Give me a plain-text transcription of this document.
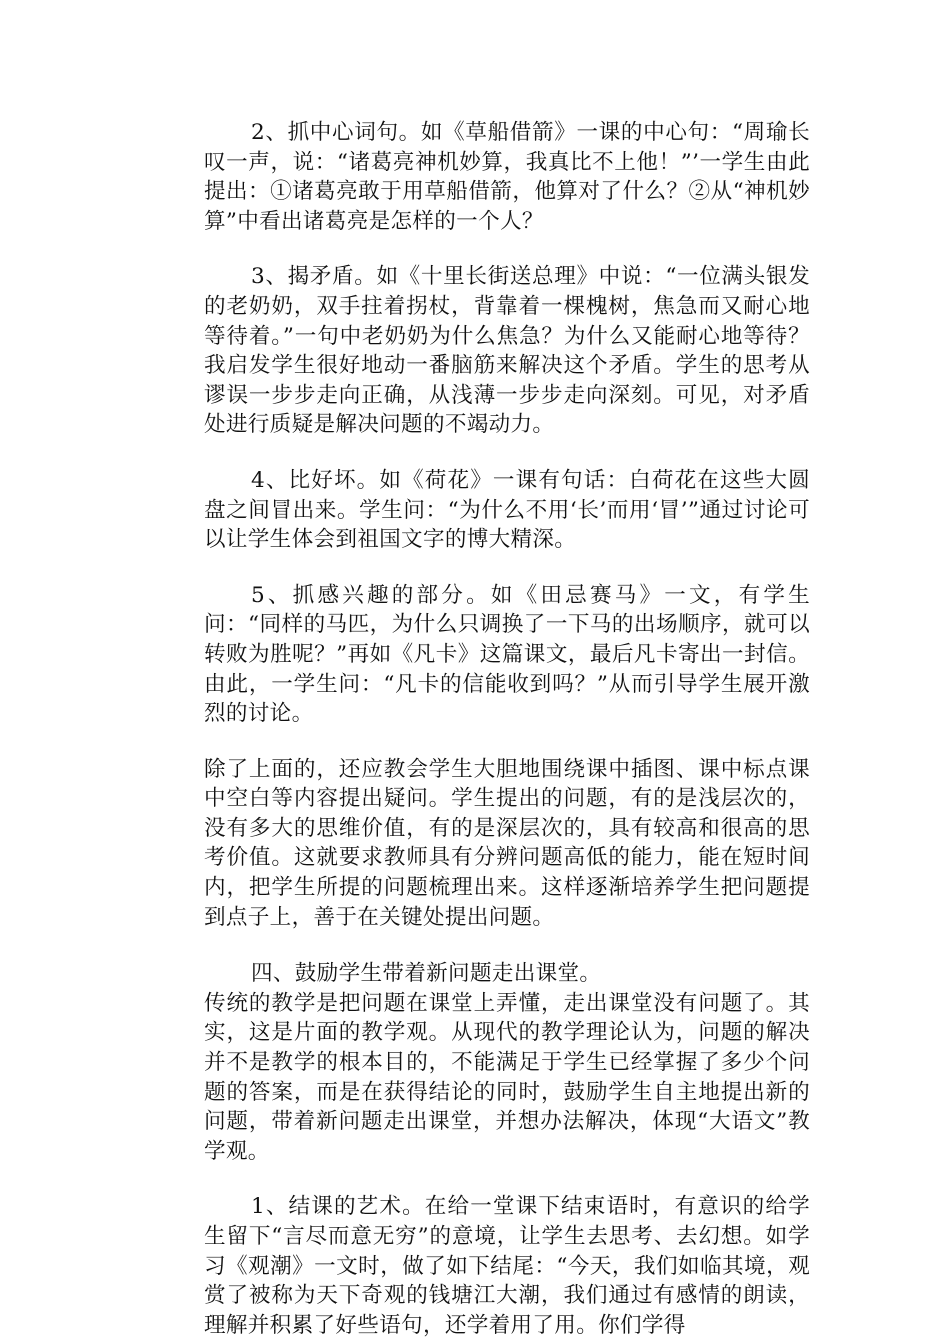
2、抓中心词句。如《草船借箭》一课的中心句：“周瑜长叹一声，说：“诸葛亮神机妙算，我真比不上他！”’一学生由此提出：①诸葛亮敢于用草船借箭，他算对了什么？②从“神机妙算”中看出诸葛亮是怎样的一个人？

3、揭矛盾。如《十里长街送总理》中说：“一位满头银发的老奶奶，双手拄着拐杖，背靠着一棵槐树，焦急而又耐心地等待着。”一句中老奶奶为什么焦急？为什么又能耐心地等待？我启发学生很好地动一番脑筋来解决这个矛盾。学生的思考从谬误一步步走向正确，从浅薄一步步走向深刻。可见，对矛盾处进行质疑是解决问题的不竭动力。

4、比好坏。如《荷花》一课有句话：白荷花在这些大圆盘之间冒出来。学生问：“为什么不用‘长’而用‘冒’”通过讨论可以让学生体会到祖国文字的博大精深。

5、抓感兴趣的部分。如《田忌赛马》一文，有学生问：“同样的马匹，为什么只调换了一下马的出场顺序，就可以转败为胜呢？”再如《凡卡》这篇课文，最后凡卡寄出一封信。由此，一学生问：“凡卡的信能收到吗？”从而引导学生展开激烈的讨论。

除了上面的，还应教会学生大胆地围绕课中插图、课中标点课中空白等内容提出疑问。学生提出的问题，有的是浅层次的，没有多大的思维价值，有的是深层次的，具有较高和很高的思考价值。这就要求教师具有分辨问题高低的能力，能在短时间内，把学生所提的问题梳理出来。这样逐渐培养学生把问题提到点子上，善于在关键处提出问题。

四、鼓励学生带着新问题走出课堂。

传统的教学是把问题在课堂上弄懂，走出课堂没有问题了。其实，这是片面的教学观。从现代的教学理论认为，问题的解决并不是教学的根本目的，不能满足于学生已经掌握了多少个问题的答案，而是在获得结论的同时，鼓励学生自主地提出新的问题，带着新问题走出课堂，并想办法解决，体现“大语文”教学观。

1、结课的艺术。在给一堂课下结束语时，有意识的给学生留下“言尽而意无穷”的意境，让学生去思考、去幻想。如学习《观潮》一文时，做了如下结尾：“今天，我们如临其境，观赏了被称为天下奇观的钱塘江大潮，我们通过有感情的朗读，理解并积累了好些语句，还学着用了用。你们学得
